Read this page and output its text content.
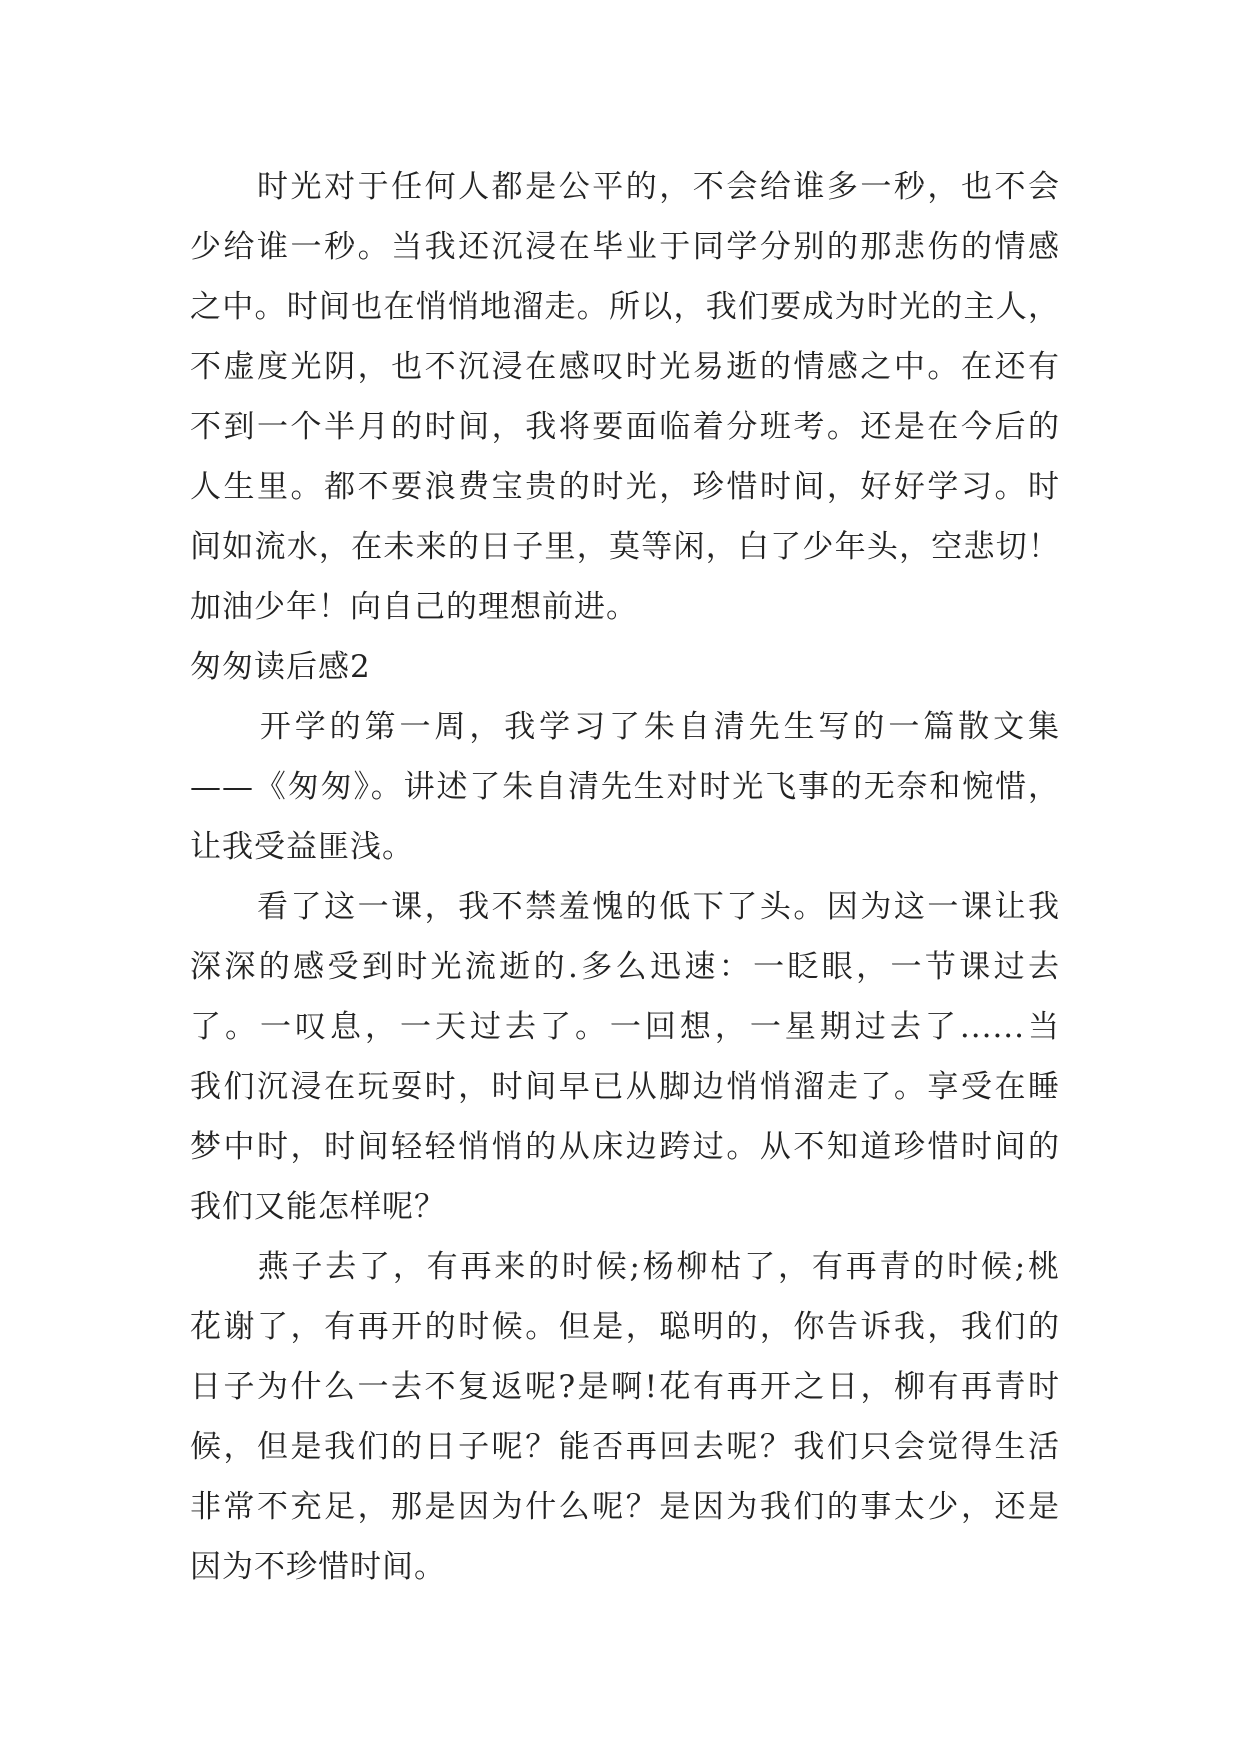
　　时光对于任何人都是公平的，不会给谁多一秒，也不会
少给谁一秒。当我还沉浸在毕业于同学分别的那悲伤的情感
之中。时间也在悄悄地溜走。所以，我们要成为时光的主人，
不虚度光阴，也不沉浸在感叹时光易逝的情感之中。在还有
不到一个半月的时间，我将要面临着分班考。还是在今后的
人生里。都不要浪费宝贵的时光，珍惜时间，好好学习。时
间如流水，在未来的日子里，莫等闲，白了少年头，空悲切！
加油少年！向自己的理想前进。
匆匆读后感2
　　开学的第一周，我学习了朱自清先生写的一篇散文集
——《匆匆》。讲述了朱自清先生对时光飞事的无奈和惋惜，
让我受益匪浅。
　　看了这一课，我不禁羞愧的低下了头。因为这一课让我
深深的感受到时光流逝的.多么迅速：一眨眼，一节课过去
了。一叹息，一天过去了。一回想，一星期过去了......当
我们沉浸在玩耍时，时间早已从脚边悄悄溜走了。享受在睡
梦中时，时间轻轻悄悄的从床边跨过。从不知道珍惜时间的
我们又能怎样呢？
　　燕子去了，有再来的时候;杨柳枯了，有再青的时候;桃
花谢了，有再开的时候。但是，聪明的，你告诉我，我们的
日子为什么一去不复返呢?是啊!花有再开之日，柳有再青时
候，但是我们的日子呢？能否再回去呢？我们只会觉得生活
非常不充足，那是因为什么呢？是因为我们的事太少，还是
因为不珍惜时间。
